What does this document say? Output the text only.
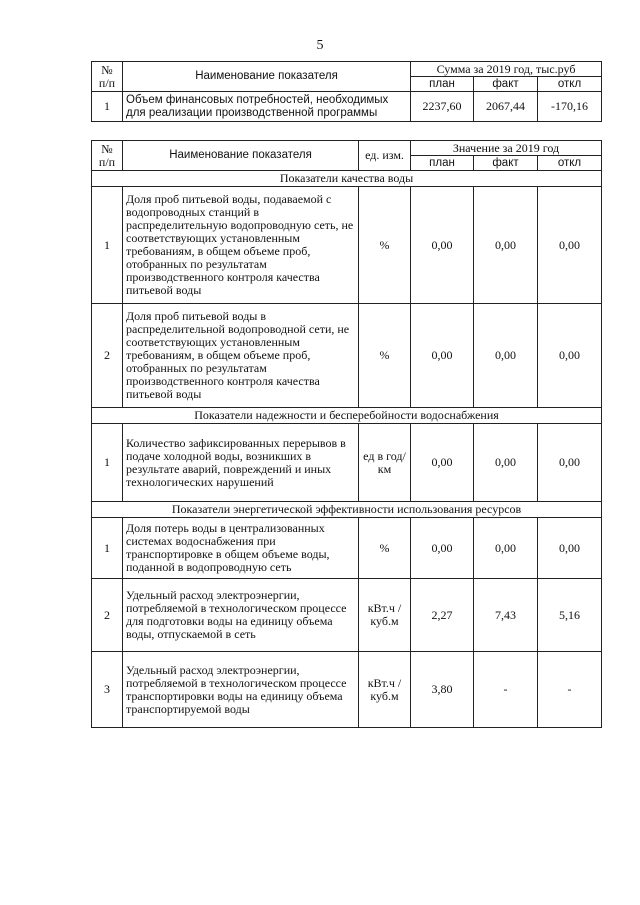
5
№ п/п	Наименование показателя	Сумма за 2019 год, тыс.руб		
		план	факт	откл
1	Объем финансовых потребностей, необходимых для реализации производственной программы	2237,60	2067,44	-170,16
№ п/п	Наименование показателя	ед. изм.	Значение за 2019 год		
			план	факт	откл
Показатели качества воды					
1	Доля проб питьевой воды, подаваемой с водопроводных станций в распределительную водопроводную сеть, не соответствующих установленным требованиям, в общем объеме проб, отобранных по результатам производственного контроля качества питьевой воды	%	0,00	0,00	0,00
2	Доля проб питьевой воды в распределительной водопроводной сети, не соответствующих установленным требованиям, в общем объеме проб, отобранных по результатам производственного контроля качества питьевой воды	%	0,00	0,00	0,00
Показатели надежности и бесперебойности водоснабжения					
1	Количество зафиксированных перерывов в подаче холодной воды, возникших в результате аварий, повреждений и иных технологических нарушений	ед в год/ км	0,00	0,00	0,00
Показатели энергетической эффективности использования ресурсов					
1	Доля потерь воды в централизованных системах водоснабжения при транспортировке в общем объеме воды, поданной в водопроводную сеть	%	0,00	0,00	0,00
2	Удельный расход электроэнергии, потребляемой в технологическом процессе для подготовки воды на единицу объема воды, отпускаемой в сеть	кВт.ч / куб.м	2,27	7,43	5,16
3	Удельный расход электроэнергии, потребляемой в технологическом процессе транспортировки воды на единицу объема транспортируемой воды	кВт.ч / куб.м	3,80	-	-
